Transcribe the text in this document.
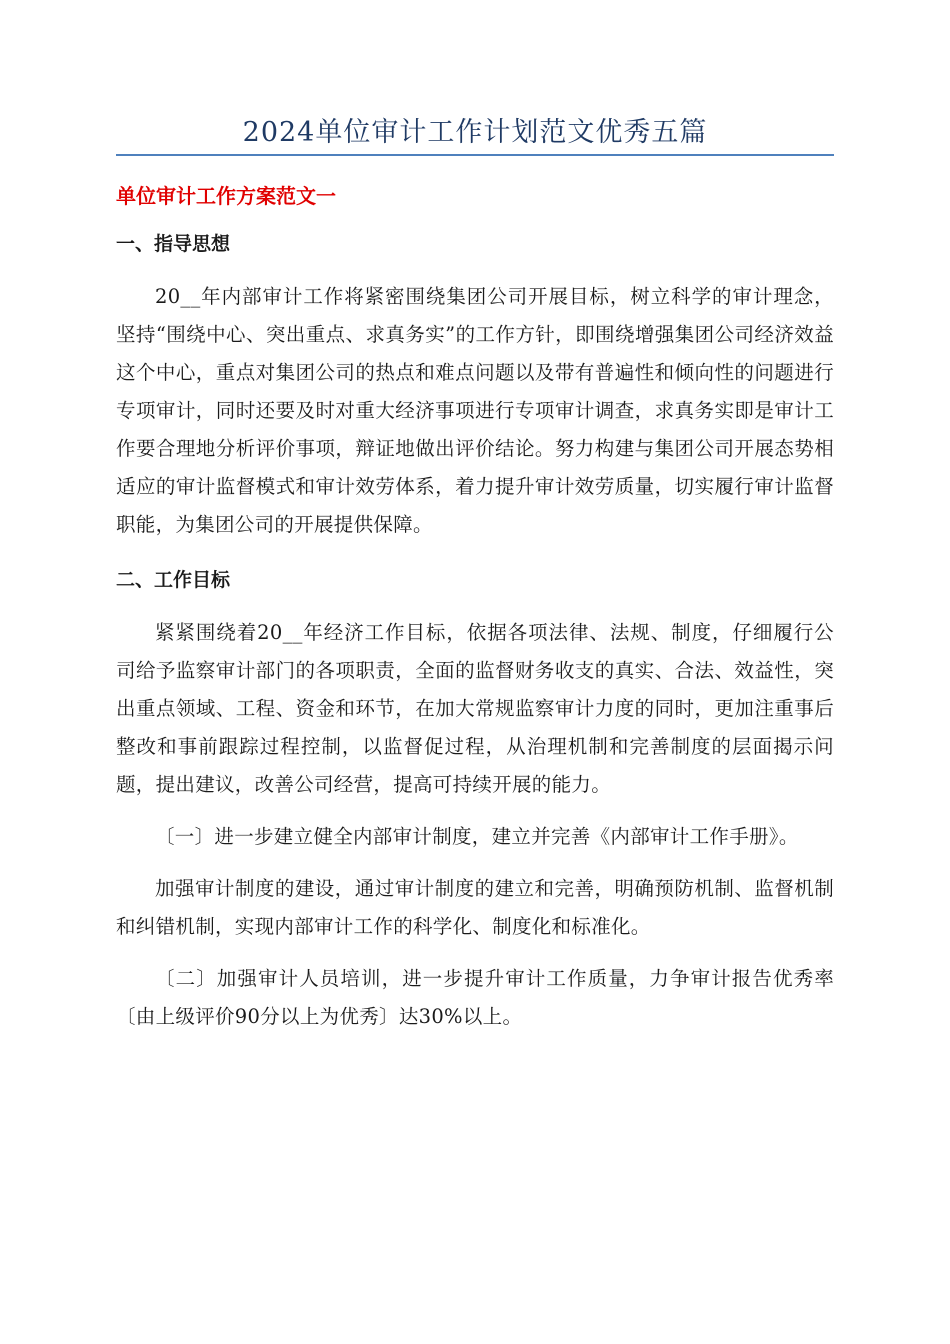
2024单位审计工作计划范文优秀五篇
单位审计工作方案范文一
一、指导思想

20__年内部审计工作将紧密围绕集团公司开展目标，树立科学的审计理念，坚持“围绕中心、突出重点、求真务实”的工作方针，即围绕增强集团公司经济效益这个中心，重点对集团公司的热点和难点问题以及带有普遍性和倾向性的问题进行专项审计，同时还要及时对重大经济事项进行专项审计调查，求真务实即是审计工作要合理地分析评价事项，辩证地做出评价结论。努力构建与集团公司开展态势相适应的审计监督模式和审计效劳体系，着力提升审计效劳质量，切实履行审计监督职能，为集团公司的开展提供保障。

二、工作目标

紧紧围绕着20__年经济工作目标，依据各项法律、法规、制度，仔细履行公司给予监察审计部门的各项职责，全面的监督财务收支的真实、合法、效益性，突出重点领域、工程、资金和环节，在加大常规监察审计力度的同时，更加注重事后整改和事前跟踪过程控制，以监督促过程，从治理机制和完善制度的层面揭示问题，提出建议，改善公司经营，提高可持续开展的能力。

〔一〕进一步建立健全内部审计制度，建立并完善《内部审计工作手册》。

加强审计制度的建设，通过审计制度的建立和完善，明确预防机制、监督机制和纠错机制，实现内部审计工作的科学化、制度化和标准化。

〔二〕加强审计人员培训，进一步提升审计工作质量，力争审计报告优秀率〔由上级评价90分以上为优秀〕达30%以上。
